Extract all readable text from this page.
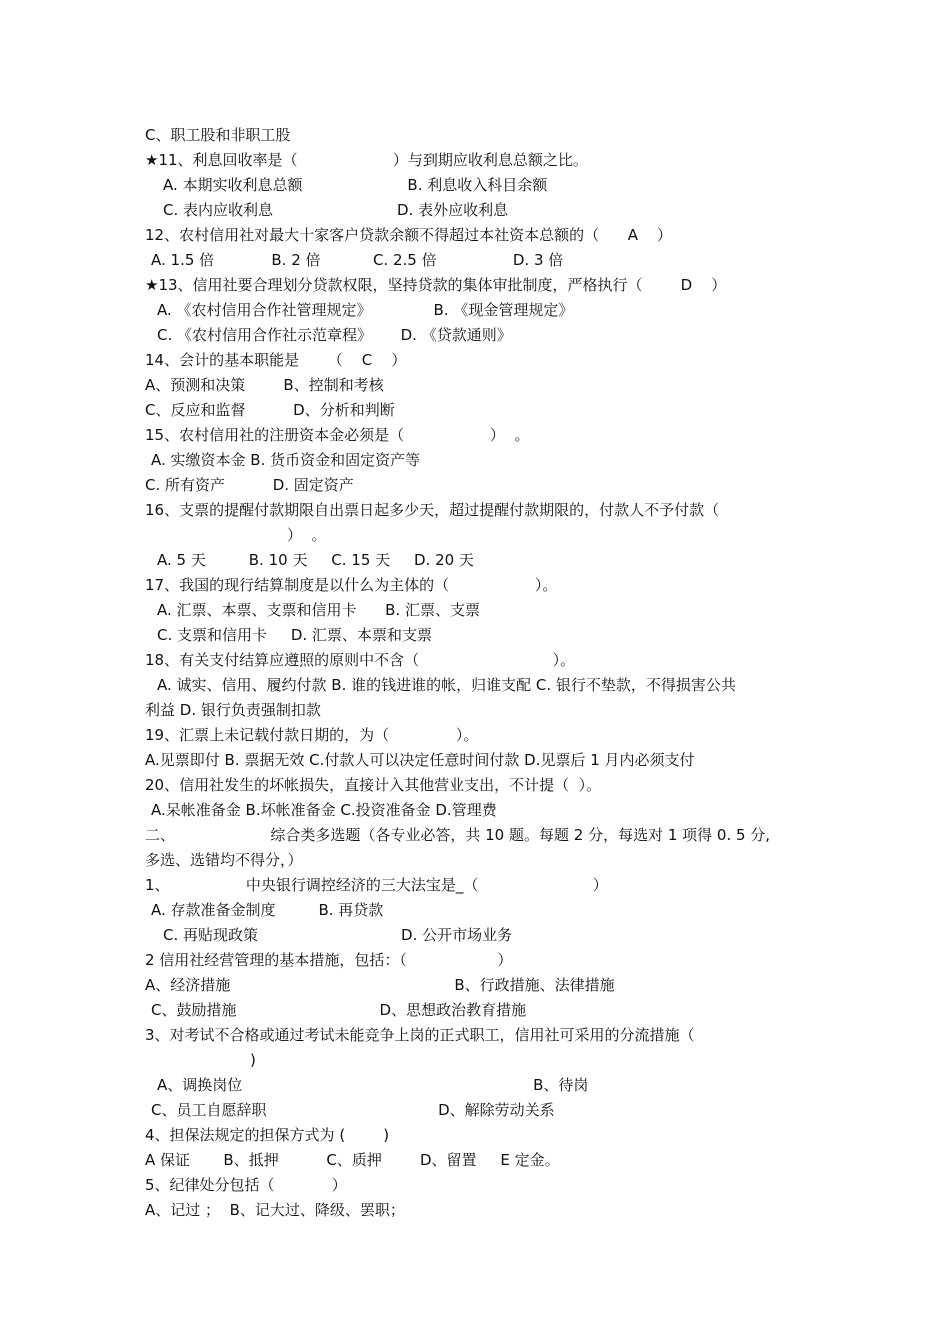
C、职工股和非职工股
★11、利息回收率是（                    ）与到期应收利息总额之比。
A. 本期实收利息总额                      B. 利息收入科目余额
C. 表内应收利息                          D. 表外应收利息
12、农村信用社对最大十家客户贷款余额不得超过本社资本总额的（      A    ）
A. 1.5 倍            B. 2 倍           C. 2.5 倍                D. 3 倍
★13、信用社要合理划分贷款权限，坚持贷款的集体审批制度，严格执行（        D    ）
A. 《农村信用合作社管理规定》             B. 《现金管理规定》
C. 《农村信用合作社示范章程》      D. 《贷款通则》
14、会计的基本职能是      （    C    ）
A、预测和决策        B、控制和考核
C、反应和监督          D、分析和判断
15、农村信用社的注册资本金必须是（                  ）  。
A. 实缴资本金 B. 货币资金和固定资产等
C. 所有资产          D. 固定资产
16、支票的提醒付款期限自出票日起多少天，超过提醒付款期限的，付款人不予付款（
）  。
A. 5 天         B. 10 天     C. 15 天     D. 20 天
17、我国的现行结算制度是以什么为主体的（                  ）。
A. 汇票、本票、支票和信用卡      B. 汇票、支票
C. 支票和信用卡     D. 汇票、本票和支票
18、有关支付结算应遵照的原则中不含（                            ）。
A. 诚实、信用、履约付款 B. 谁的钱进谁的帐，归谁支配 C. 银行不垫款，不得损害公共
利益 D. 银行负责强制扣款
19、汇票上未记载付款日期的，为（              ）。
A.见票即付 B. 票据无效 C.付款人可以决定任意时间付款 D.见票后 1 月内必须支付
20、信用社发生的坏帐损失，直接计入其他营业支出，不计提（  ）。
A.呆帐准备金 B.坏帐准备金 C.投资准备金 D.管理费
二、                    综合类多选题（各专业必答，共 10 题。每题 2 分，每选对 1 项得 0. 5 分,
多选、选错均不得分，）
1、                中央银行调控经济的三大法宝是_（                        ）
A. 存款准备金制度         B. 再贷款
C. 再贴现政策                              D. 公开市场业务
2 信用社经营管理的基本措施，包括：（                   ）
A、经济措施                                               B、行政措施、法律措施
C、鼓励措施                              D、思想政治教育措施
3、对考试不合格或通过考试未能竞争上岗的正式职工，信用社可采用的分流措施（
)
A、调换岗位                                                             B、待岗
C、员工自愿辞职                                    D、解除劳动关系
4、担保法规定的担保方式为 (        )
A 保证       B、抵押          C、质押        D、留置     E 定金。
5、纪律处分包括（            ）
A、记过 ；  B、记大过、降级、罢职；
